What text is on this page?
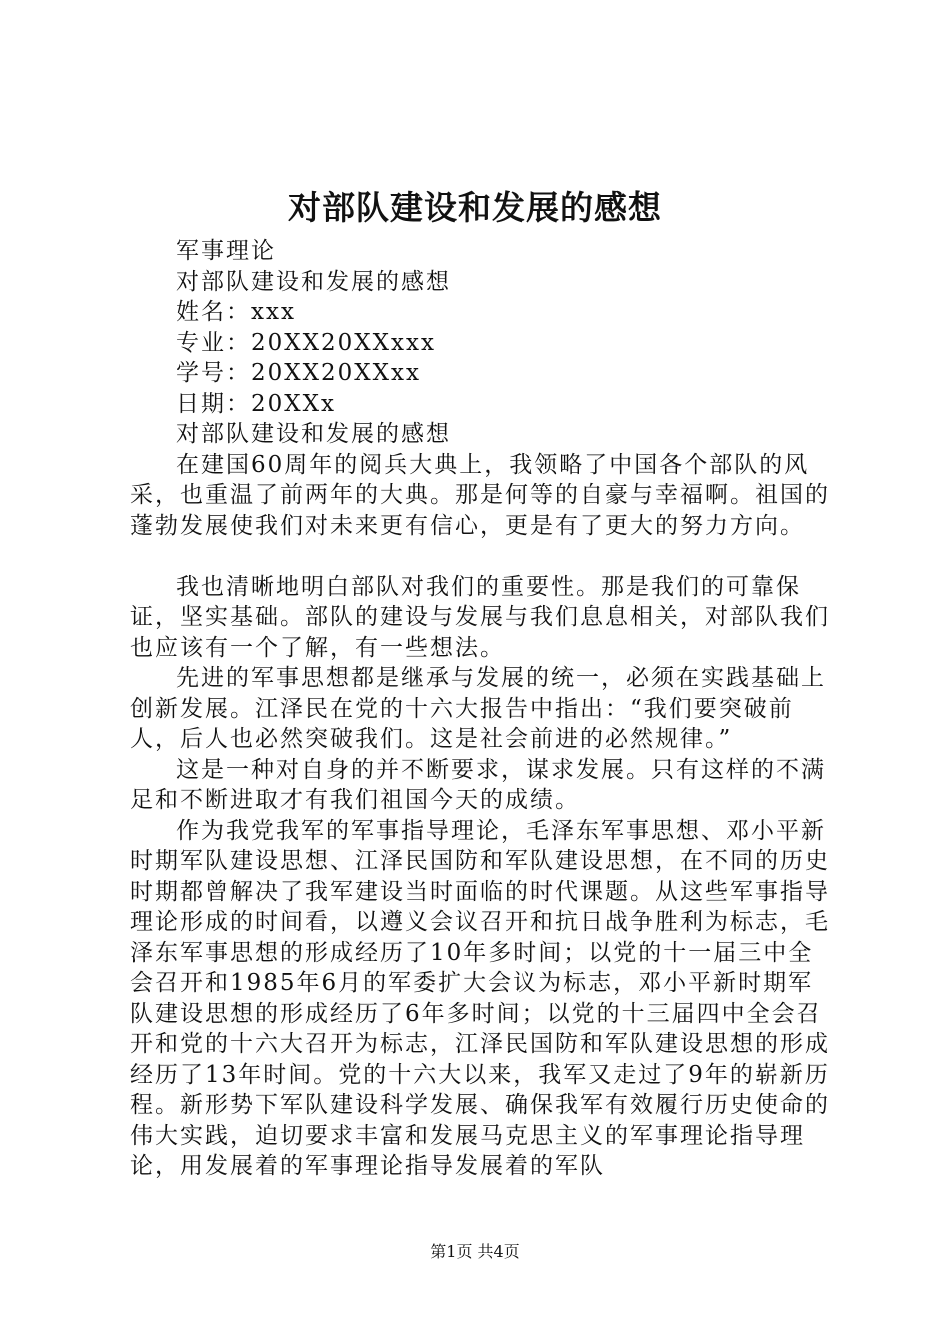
对部队建设和发展的感想

军事理论

对部队建设和发展的感想

姓名：xxx

专业：20XX20XXxxx

学号：20XX20XXxx

日期：20XXx

对部队建设和发展的感想

在建国60周年的阅兵大典上，我领略了中国各个部队的风采，也重温了前两年的大典。那是何等的自豪与幸福啊。祖国的蓬勃发展使我们对未来更有信心，更是有了更大的努力方向。

我也清晰地明白部队对我们的重要性。那是我们的可靠保证，坚实基础。部队的建设与发展与我们息息相关，对部队我们也应该有一个了解，有一些想法。

先进的军事思想都是继承与发展的统一，必须在实践基础上创新发展。江泽民在党的十六大报告中指出：“我们要突破前人，后人也必然突破我们。这是社会前进的必然规律。”

这是一种对自身的并不断要求，谋求发展。只有这样的不满足和不断进取才有我们祖国今天的成绩。

作为我党我军的军事指导理论，毛泽东军事思想、邓小平新时期军队建设思想、江泽民国防和军队建设思想，在不同的历史时期都曾解决了我军建设当时面临的时代课题。从这些军事指导理论形成的时间看，以遵义会议召开和抗日战争胜利为标志，毛泽东军事思想的形成经历了10年多时间；以党的十一届三中全会召开和1985年6月的军委扩大会议为标志，邓小平新时期军队建设思想的形成经历了6年多时间；以党的十三届四中全会召开和党的十六大召开为标志，江泽民国防和军队建设思想的形成经历了13年时间。党的十六大以来，我军又走过了9年的崭新历程。新形势下军队建设科学发展、确保我军有效履行历史使命的伟大实践，迫切要求丰富和发展马克思主义的军事理论指导理论，用发展着的军事理论指导发展着的军队

第1页 共4页
